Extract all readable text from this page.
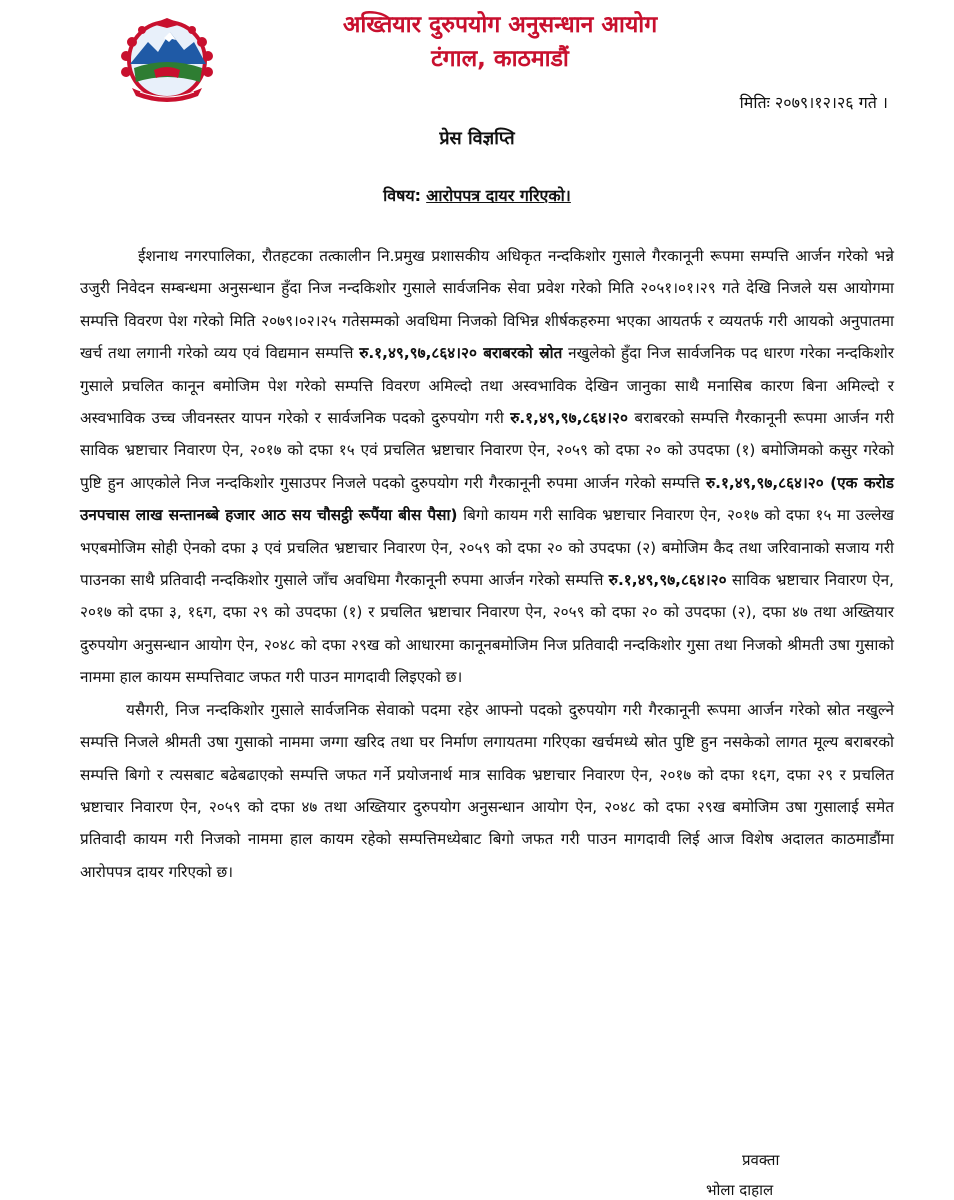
अख्तियार दुरुपयोग अनुसन्धान आयोग
टंगाल, काठमाडौं
मितिः २०७९।१२।२६ गते ।
प्रेस विज्ञप्ति
विषय: आरोपपत्र दायर गरिएको।

ईशनाथ नगरपालिका, रौतहटका तत्कालीन नि.प्रमुख प्रशासकीय अधिकृत नन्दकिशोर गुसाले गैरकानूनी रूपमा सम्पत्ति आर्जन गरेको भन्ने उजुरी निवेदन सम्बन्धमा अनुसन्धान हुँदा निज नन्दकिशोर गुसाले सार्वजनिक सेवा प्रवेश गरेको मिति २०५१।०१।२९ गते देखि निजले यस आयोगमा सम्पत्ति विवरण पेश गरेको मिति २०७९।०२।२५ गतेसम्मको अवधिमा निजको विभिन्न शीर्षकहरुमा भएका आयतर्फ र व्ययतर्फ गरी आयको अनुपातमा खर्च तथा लगानी गरेको व्यय एवं विद्यमान सम्पत्ति रु.१,४९,९७,८६४।२० बराबरको स्रोत नखुलेको हुँदा निज सार्वजनिक पद धारण गरेका नन्दकिशोर गुसाले प्रचलित कानून बमोजिम पेश गरेको सम्पत्ति विवरण अमिल्दो तथा अस्वभाविक देखिन जानुका साथै मनासिब कारण बिना अमिल्दो र अस्वभाविक उच्च जीवनस्तर यापन गरेको र सार्वजनिक पदको दुरुपयोग गरी रु.१,४९,९७,८६४।२० बराबरको सम्पत्ति गैरकानूनी रूपमा आर्जन गरी साविक भ्रष्टाचार निवारण ऐन, २०१७ को दफा १५ एवं प्रचलित भ्रष्टाचार निवारण ऐन, २०५९ को दफा २० को उपदफा (१) बमोजिमको कसुर गरेको पुष्टि हुन आएकोले निज नन्दकिशोर गुसाउपर निजले पदको दुरुपयोग गरी गैरकानूनी रुपमा आर्जन गरेको सम्पत्ति रु.१,४९,९७,८६४।२० (एक करोड उनपचास लाख सन्तानब्बे हजार आठ सय चौसट्ठी रूपैंया बीस पैसा) बिगो कायम गरी साविक भ्रष्टाचार निवारण ऐन, २०१७ को दफा १५ मा उल्लेख भएबमोजिम सोही ऐनको दफा ३ एवं प्रचलित भ्रष्टाचार निवारण ऐन, २०५९ को दफा २० को उपदफा (२) बमोजिम कैद तथा जरिवानाको सजाय गरी पाउनका साथै प्रतिवादी नन्दकिशोर गुसाले जाँच अवधिमा गैरकानूनी रुपमा आर्जन गरेको सम्पत्ति रु.१,४९,९७,८६४।२० साविक भ्रष्टाचार निवारण ऐन, २०१७ को दफा ३, १६ग, दफा २९ को उपदफा (१) र प्रचलित भ्रष्टाचार निवारण ऐन, २०५९ को दफा २० को उपदफा (२), दफा ४७ तथा अख्तियार दुरुपयोग अनुसन्धान आयोग ऐन, २०४८ को दफा २९ख को आधारमा कानूनबमोजिम निज प्रतिवादी नन्दकिशोर गुसा तथा निजको श्रीमती उषा गुसाको नाममा हाल कायम सम्पत्तिवाट जफत गरी पाउन मागदावी लिइएको छ।

यसैगरी, निज नन्दकिशोर गुसाले सार्वजनिक सेवाको पदमा रहेर आफ्नो पदको दुरुपयोग गरी गैरकानूनी रूपमा आर्जन गरेको स्रोत नखुल्ने सम्पत्ति निजले श्रीमती उषा गुसाको नाममा जग्गा खरिद तथा घर निर्माण लगायतमा गरिएका खर्चमध्ये स्रोत पुष्टि हुन नसकेको लागत मूल्य बराबरको सम्पत्ति बिगो र त्यसबाट बढेबढाएको सम्पत्ति जफत गर्ने प्रयोजनार्थ मात्र साविक भ्रष्टाचार निवारण ऐन, २०१७ को दफा १६ग, दफा २९ र प्रचलित भ्रष्टाचार निवारण ऐन, २०५९ को दफा ४७ तथा अख्तियार दुरुपयोग अनुसन्धान आयोग ऐन, २०४८ को दफा २९ख बमोजिम उषा गुसालाई समेत प्रतिवादी कायम गरी निजको नाममा हाल कायम रहेको सम्पत्तिमध्येबाट बिगो जफत गरी पाउन मागदावी लिई आज विशेष अदालत काठमाडौंमा आरोपपत्र दायर गरिएको छ।

प्रवक्ता
भोला दाहाल
